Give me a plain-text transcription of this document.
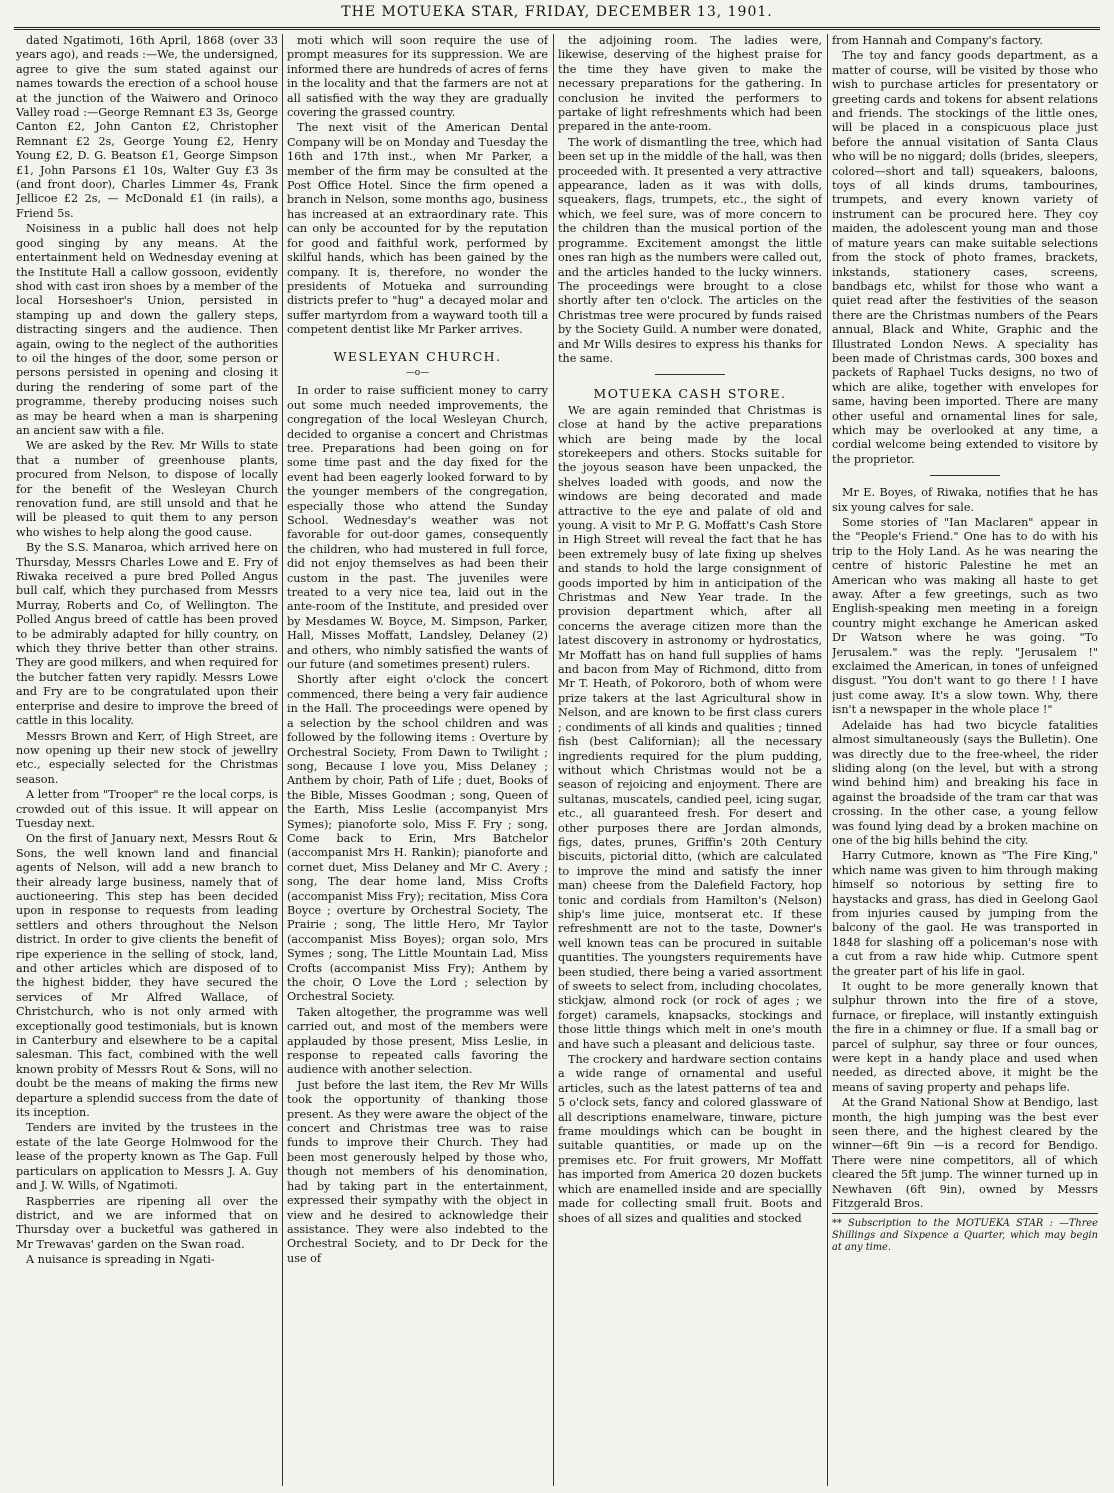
THE MOTUEKA STAR, FRIDAY, DECEMBER 13, 1901.

dated Ngatimoti, 16th April, 1868 (over 33 years ago), and reads :—We, the undersigned, agree to give the sum stated against our names towards the erection of a school house at the junction of the Waiwero and Orinoco Valley road :—George Remnant £3 3s, George Canton £2, John Canton £2, Christopher Remnant £2 2s, George Young £2, Henry Young £2, D. G. Beatson £1, George Simpson £1, John Parsons £1 10s, Walter Guy £3 3s (and front door), Charles Limmer 4s, Frank Jellicoe £2 2s, — McDonald £1 (in rails), a Friend 5s.

Noisiness in a public hall does not help good singing by any means. At the entertainment held on Wednesday evening at the Institute Hall a callow gossoon, evidently shod with cast iron shoes by a member of the local Horseshoer's Union, persisted in stamping up and down the gallery steps, distracting singers and the audience. Then again, owing to the neglect of the authorities to oil the hinges of the door, some person or persons persisted in opening and closing it during the rendering of some part of the programme, thereby producing noises such as may be heard when a man is sharpening an ancient saw with a file.

We are asked by the Rev. Mr Wills to state that a number of greenhouse plants, procured from Nelson, to dispose of locally for the benefit of the Wesleyan Church renovation fund, are still unsold and that he will be pleased to quit them to any person who wishes to help along the good cause.

By the S.S. Manaroa, which arrived here on Thursday, Messrs Charles Lowe and E. Fry of Riwaka received a pure bred Polled Angus bull calf, which they purchased from Messrs Murray, Roberts and Co, of Wellington. The Polled Angus breed of cattle has been proved to be admirably adapted for hilly country, on which they thrive better than other strains. They are good milkers, and when required for the butcher fatten very rapidly. Messrs Lowe and Fry are to be congratulated upon their enterprise and desire to improve the breed of cattle in this locality.

Messrs Brown and Kerr, of High Street, are now opening up their new stock of jewellry etc., especially selected for the Christmas season.

A letter from "Trooper" re the local corps, is crowded out of this issue. It will appear on Tuesday next.

On the first of January next, Messrs Rout & Sons, the well known land and financial agents of Nelson, will add a new branch to their already large business, namely that of auctioneering. This step has been decided upon in response to requests from leading settlers and others throughout the Nelson district. In order to give clients the benefit of ripe experience in the selling of stock, land, and other articles which are disposed of to the highest bidder, they have secured the services of Mr Alfred Wallace, of Christchurch, who is not only armed with exceptionally good testimonials, but is known in Canterbury and elsewhere to be a capital salesman. This fact, combined with the well known probity of Messrs Rout & Sons, will no doubt be the means of making the firms new departure a splendid success from the date of its inception.

Tenders are invited by the trustees in the estate of the late George Holmwood for the lease of the property known as The Gap. Full particulars on application to Messrs J. A. Guy and J. W. Wills, of Ngatimoti.

Raspberries are ripening all over the district, and we are informed that on Thursday over a bucketful was gathered in Mr Trewavas' garden on the Swan road.

A nuisance is spreading in Ngati-

moti which will soon require the use of prompt measures for its suppression. We are informed there are hundreds of acres of ferns in the locality and that the farmers are not at all satisfied with the way they are gradually covering the grassed country.

The next visit of the American Dental Company will be on Monday and Tuesday the 16th and 17th inst., when Mr Parker, a member of the firm may be consulted at the Post Office Hotel. Since the firm opened a branch in Nelson, some months ago, business has increased at an extraordinary rate. This can only be accounted for by the reputation for good and faithful work, performed by skilful hands, which has been gained by the company. It is, therefore, no wonder the presidents of Motueka and surrounding districts prefer to "hug" a decayed molar and suffer martyrdom from a wayward tooth till a competent dentist like Mr Parker arrives.

WESLEYAN CHURCH.
—o—

In order to raise sufficient money to carry out some much needed improvements, the congregation of the local Wesleyan Church, decided to organise a concert and Christmas tree. Preparations had been going on for some time past and the day fixed for the event had been eagerly looked forward to by the younger members of the congregation, especially those who attend the Sunday School. Wednesday's weather was not favorable for out-door games, consequently the children, who had mustered in full force, did not enjoy themselves as had been their custom in the past. The juveniles were treated to a very nice tea, laid out in the ante-room of the Institute, and presided over by Mesdames W. Boyce, M. Simpson, Parker, Hall, Misses Moffatt, Landsley, Delaney (2) and others, who nimbly satisfied the wants of our future (and sometimes present) rulers.

Shortly after eight o'clock the concert commenced, there being a very fair audience in the Hall. The proceedings were opened by a selection by the school children and was followed by the following items : Overture by Orchestral Society, From Dawn to Twilight ; song, Because I love you, Miss Delaney ; Anthem by choir, Path of Life ; duet, Books of the Bible, Misses Goodman ; song, Queen of the Earth, Miss Leslie (accompanyist Mrs Symes); pianoforte solo, Miss F. Fry ; song, Come back to Erin, Mrs Batchelor (accompanist Mrs H. Rankin); pianoforte and cornet duet, Miss Delaney and Mr C. Avery ; song, The dear home land, Miss Crofts (accompanist Miss Fry); recitation, Miss Cora Boyce ; overture by Orchestral Society, The Prairie ; song, The little Hero, Mr Taylor (accompanist Miss Boyes); organ solo, Mrs Symes ; song, The Little Mountain Lad, Miss Crofts (accompanist Miss Fry); Anthem by the choir, O Love the Lord ; selection by Orchestral Society.

Taken altogether, the programme was well carried out, and most of the members were applauded by those present, Miss Leslie, in response to repeated calls favoring the audience with another selection.

Just before the last item, the Rev Mr Wills took the opportunity of thanking those present. As they were aware the object of the concert and Christmas tree was to raise funds to improve their Church. They had been most generously helped by those who, though not members of his denomination, had by taking part in the entertainment, expressed their sympathy with the object in view and he desired to acknowledge their assistance. They were also indebted to the Orchestral Society, and to Dr Deck for the use of

the adjoining room. The ladies were, likewise, deserving of the highest praise for the time they have given to make the necessary preparations for the gathering. In conclusion he invited the performers to partake of light refreshments which had been prepared in the ante-room.

The work of dismantling the tree, which had been set up in the middle of the hall, was then proceeded with. It presented a very attractive appearance, laden as it was with dolls, squeakers, flags, trumpets, etc., the sight of which, we feel sure, was of more concern to the children than the musical portion of the programme. Excitement amongst the little ones ran high as the numbers were called out, and the articles handed to the lucky winners. The proceedings were brought to a close shortly after ten o'clock. The articles on the Christmas tree were procured by funds raised by the Society Guild. A number were donated, and Mr Wills desires to express his thanks for the same.

MOTUEKA CASH STORE.

We are again reminded that Christmas is close at hand by the active preparations which are being made by the local storekeepers and others. Stocks suitable for the joyous season have been unpacked, the shelves loaded with goods, and now the windows are being decorated and made attractive to the eye and palate of old and young. A visit to Mr P. G. Moffatt's Cash Store in High Street will reveal the fact that he has been extremely busy of late fixing up shelves and stands to hold the large consignment of goods imported by him in anticipation of the Christmas and New Year trade. In the provision department which, after all concerns the average citizen more than the latest discovery in astronomy or hydrostatics, Mr Moffatt has on hand full supplies of hams and bacon from May of Richmond, ditto from Mr T. Heath, of Pokororo, both of whom were prize takers at the last Agricultural show in Nelson, and are known to be first class curers ; condiments of all kinds and qualities ; tinned fish (best Californian); all the necessary ingredients required for the plum pudding, without which Christmas would not be a season of rejoicing and enjoyment. There are sultanas, muscatels, candied peel, icing sugar, etc., all guaranteed fresh. For desert and other purposes there are Jordan almonds, figs, dates, prunes, Griffin's 20th Century biscuits, pictorial ditto, (which are calculated to improve the mind and satisfy the inner man) cheese from the Dalefield Factory, hop tonic and cordials from Hamilton's (Nelson) ship's lime juice, montserat etc. If these refreshmentt are not to the taste, Downer's well known teas can be procured in suitable quantities. The youngsters requirements have been studied, there being a varied assortment of sweets to select from, including chocolates, stickjaw, almond rock (or rock of ages ; we forget) caramels, knapsacks, stockings and those little things which melt in one's mouth and have such a pleasant and delicious taste.

The crockery and hardware section contains a wide range of ornamental and useful articles, such as the latest patterns of tea and 5 o'clock sets, fancy and colored glassware of all descriptions enamelware, tinware, picture frame mouldings which can be bought in suitable quantities, or made up on the premises etc. For fruit growers, Mr Moffatt has imported from America 20 dozen buckets which are enamelled inside and are speciallly made for collecting small fruit. Boots and shoes of all sizes and qualities and stocked

from Hannah and Company's factory.

The toy and fancy goods department, as a matter of course, will be visited by those who wish to purchase articles for presentatory or greeting cards and tokens for absent relations and friends. The stockings of the little ones, will be placed in a conspicuous place just before the annual visitation of Santa Claus who will be no niggard; dolls (brides, sleepers, colored—short and tall) squeakers, baloons, toys of all kinds drums, tambourines, trumpets, and every known variety of instrument can be procured here. They coy maiden, the adolescent young man and those of mature years can make suitable selections from the stock of photo frames, brackets, inkstands, stationery cases, screens, bandbags etc, whilst for those who want a quiet read after the festivities of the season there are the Christmas numbers of the Pears annual, Black and White, Graphic and the Illustrated London News. A speciality has been made of Christmas cards, 300 boxes and packets of Raphael Tucks designs, no two of which are alike, together with envelopes for same, having been imported. There are many other useful and ornamental lines for sale, which may be overlooked at any time, a cordial welcome being extended to visitore by the proprietor.

Mr E. Boyes, of Riwaka, notifies that he has six young calves for sale.

Some stories of "Ian Maclaren" appear in the "People's Friend." One has to do with his trip to the Holy Land. As he was nearing the centre of historic Palestine he met an American who was making all haste to get away. After a few greetings, such as two English-speaking men meeting in a foreign country might exchange he American asked Dr Watson where he was going. "To Jerusalem." was the reply. "Jerusalem !" exclaimed the American, in tones of unfeigned disgust. "You don't want to go there ! I have just come away. It's a slow town. Why, there isn't a newspaper in the whole place !"

Adelaide has had two bicycle fatalities almost simultaneously (says the Bulletin). One was directly due to the free-wheel, the rider sliding along (on the level, but with a strong wind behind him) and breaking his face in against the broadside of the tram car that was crossing. In the other case, a young fellow was found lying dead by a broken machine on one of the big hills behind the city.

Harry Cutmore, known as "The Fire King," which name was given to him through making himself so notorious by setting fire to haystacks and grass, has died in Geelong Gaol from injuries caused by jumping from the balcony of the gaol. He was transported in 1848 for slashing off a policeman's nose with a cut from a raw hide whip. Cutmore spent the greater part of his life in gaol.

It ought to be more generally known that sulphur thrown into the fire of a stove, furnace, or fireplace, will instantly extinguish the fire in a chimney or flue. If a small bag or parcel of sulphur, say three or four ounces, were kept in a handy place and used when needed, as directed above, it might be the means of saving property and pehaps life.

At the Grand National Show at Bendigo, last month, the high jumping was the best ever seen there, and the highest cleared by the winner—6ft 9in —is a record for Bendigo. There were nine competitors, all of which cleared the 5ft jump. The winner turned up in Newhaven (6ft 9in), owned by Messrs Fitzgerald Bros.

** Subscription to the MOTUEKA STAR : —Three Shillings and Sixpence a Quarter, which may begin at any time.
